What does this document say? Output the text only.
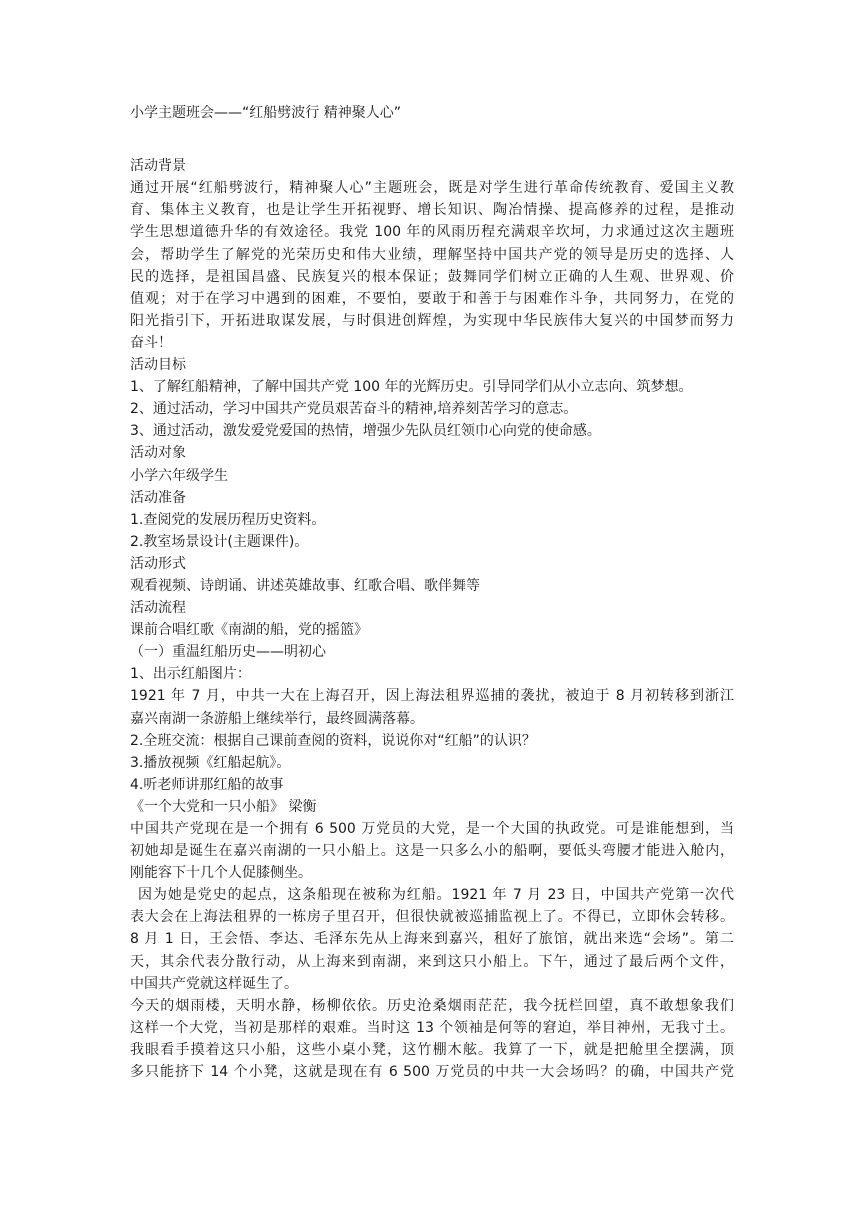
小学主题班会——“红船劈波行 精神聚人心”
活动背景
通过开展“红船劈波行，精神聚人心”主题班会，既是对学生进行革命传统教育、爱国主义教
育、集体主义教育，也是让学生开拓视野、增长知识、陶冶情操、提高修养的过程，是推动
学生思想道德升华的有效途径。我党 100 年的风雨历程充满艰辛坎坷，力求通过这次主题班
会，帮助学生了解党的光荣历史和伟大业绩，理解坚持中国共产党的领导是历史的选择、人
民的选择，是祖国昌盛、民族复兴的根本保证；鼓舞同学们树立正确的人生观、世界观、价
值观；对于在学习中遇到的困难，不要怕，要敢于和善于与困难作斗争，共同努力，在党的
阳光指引下，开拓进取谋发展，与时俱进创辉煌，为实现中华民族伟大复兴的中国梦而努力
奋斗！
活动目标
1、了解红船精神，了解中国共产党 100 年的光辉历史。引导同学们从小立志向、筑梦想。
2、通过活动，学习中国共产党员艰苦奋斗的精神,培养刻苦学习的意志。
3、通过活动，激发爱党爱国的热情，增强少先队员红领巾心向党的使命感。
活动对象
小学六年级学生
活动准备
1.查阅党的发展历程历史资料。
2.教室场景设计(主题课件)。
活动形式
观看视频、诗朗诵、讲述英雄故事、红歌合唱、歌伴舞等
活动流程
课前合唱红歌《南湖的船，党的摇篮》
（一）重温红船历史——明初心
1、出示红船图片：
1921 年 7 月，中共一大在上海召开，因上海法租界巡捕的袭扰，被迫于 8 月初转移到浙江
嘉兴南湖一条游船上继续举行，最终圆满落幕。
2.全班交流：根据自己课前查阅的资料，说说你对“红船”的认识？
3.播放视频《红船起航》。
4.听老师讲那红船的故事
《一个大党和一只小船》 梁衡
中国共产党现在是一个拥有 6 500 万党员的大党，是一个大国的执政党。可是谁能想到，当
初她却是诞生在嘉兴南湖的一只小船上。这是一只多么小的船啊，要低头弯腰才能进入舱内，
刚能容下十几个人促膝侧坐。
因为她是党史的起点，这条船现在被称为红船。1921 年 7 月 23 日，中国共产党第一次代
表大会在上海法租界的一栋房子里召开，但很快就被巡捕监视上了。不得已，立即休会转移。
8 月 1 日，王会悟、李达、毛泽东先从上海来到嘉兴，租好了旅馆，就出来选“会场”。第二
天，其余代表分散行动，从上海来到南湖，来到这只小船上。下午，通过了最后两个文件，
中国共产党就这样诞生了。
今天的烟雨楼，天明水静，杨柳依依。历史沧桑烟雨茫茫，我今抚栏回望，真不敢想象我们
这样一个大党，当初是那样的艰难。当时这 13 个领袖是何等的窘迫，举目神州，无我寸土。
我眼看手摸着这只小船，这些小桌小凳，这竹棚木舷。我算了一下，就是把舱里全摆满，顶
多只能挤下 14 个小凳，这就是现在有 6 500 万党员的中共一大会场吗？的确，中国共产党
